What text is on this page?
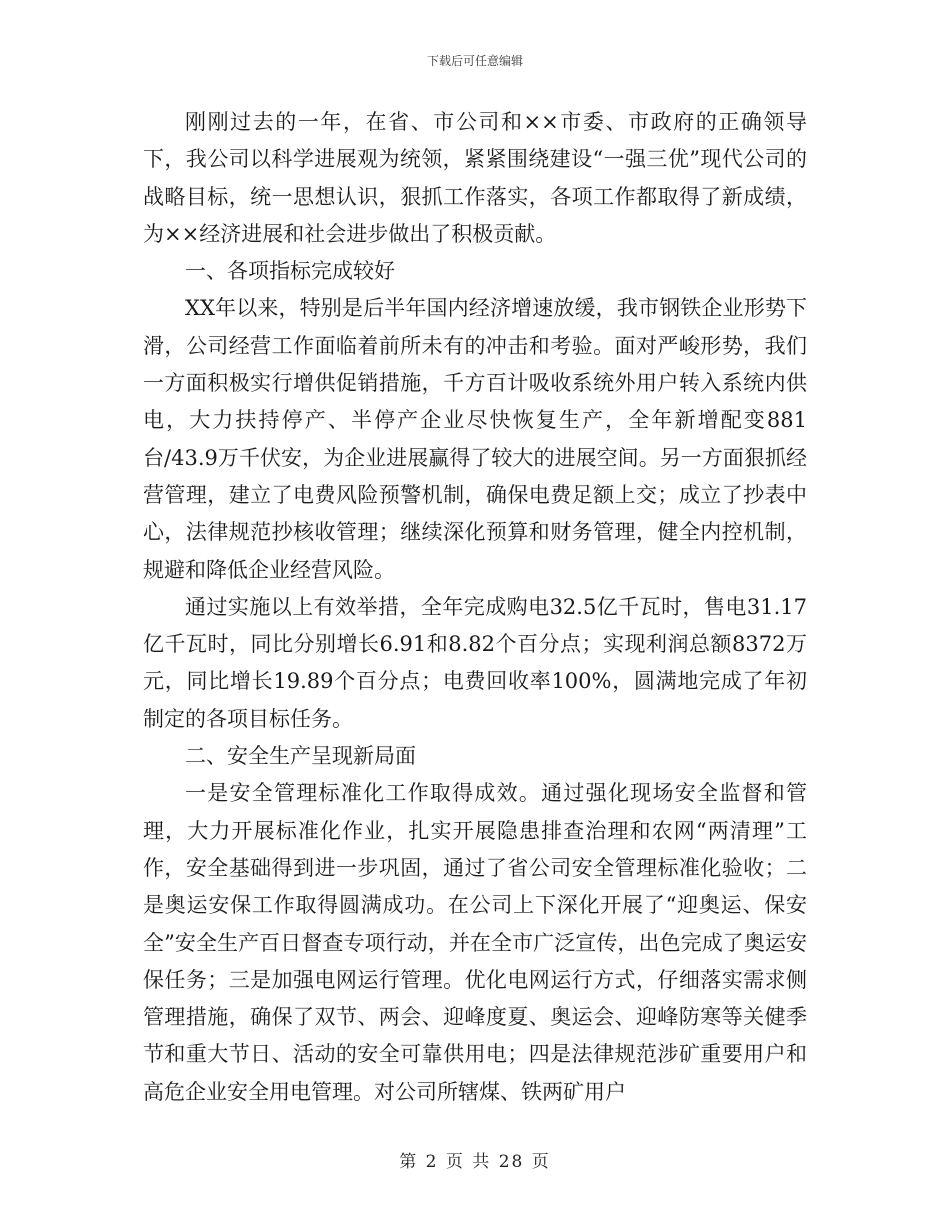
下载后可任意编辑

刚刚过去的一年，在省、市公司和××市委、市政府的正确领导下，我公司以科学进展观为统领，紧紧围绕建设“一强三优”现代公司的战略目标，统一思想认识，狠抓工作落实，各项工作都取得了新成绩，为××经济进展和社会进步做出了积极贡献。

一、各项指标完成较好

XX年以来，特别是后半年国内经济增速放缓，我市钢铁企业形势下滑，公司经营工作面临着前所未有的冲击和考验。面对严峻形势，我们一方面积极实行增供促销措施，千方百计吸收系统外用户转入系统内供电，大力扶持停产、半停产企业尽快恢复生产，全年新增配变881台/43.9万千伏安，为企业进展赢得了较大的进展空间。另一方面狠抓经营管理，建立了电费风险预警机制，确保电费足额上交；成立了抄表中心，法律规范抄核收管理；继续深化预算和财务管理，健全内控机制，规避和降低企业经营风险。

通过实施以上有效举措，全年完成购电32.5亿千瓦时，售电31.17亿千瓦时，同比分别增长6.91和8.82个百分点；实现利润总额8372万元，同比增长19.89个百分点；电费回收率100%，圆满地完成了年初制定的各项目标任务。

二、安全生产呈现新局面

一是安全管理标准化工作取得成效。通过强化现场安全监督和管理，大力开展标准化作业，扎实开展隐患排查治理和农网“两清理”工作，安全基础得到进一步巩固，通过了省公司安全管理标准化验收；二是奥运安保工作取得圆满成功。在公司上下深化开展了“迎奥运、保安全”安全生产百日督查专项行动，并在全市广泛宣传，出色完成了奥运安保任务；三是加强电网运行管理。优化电网运行方式，仔细落实需求侧管理措施，确保了双节、两会、迎峰度夏、奥运会、迎峰防寒等关健季节和重大节日、活动的安全可靠供用电；四是法律规范涉矿重要用户和高危企业安全用电管理。对公司所辖煤、铁两矿用户

第 2 页 共 28 页
